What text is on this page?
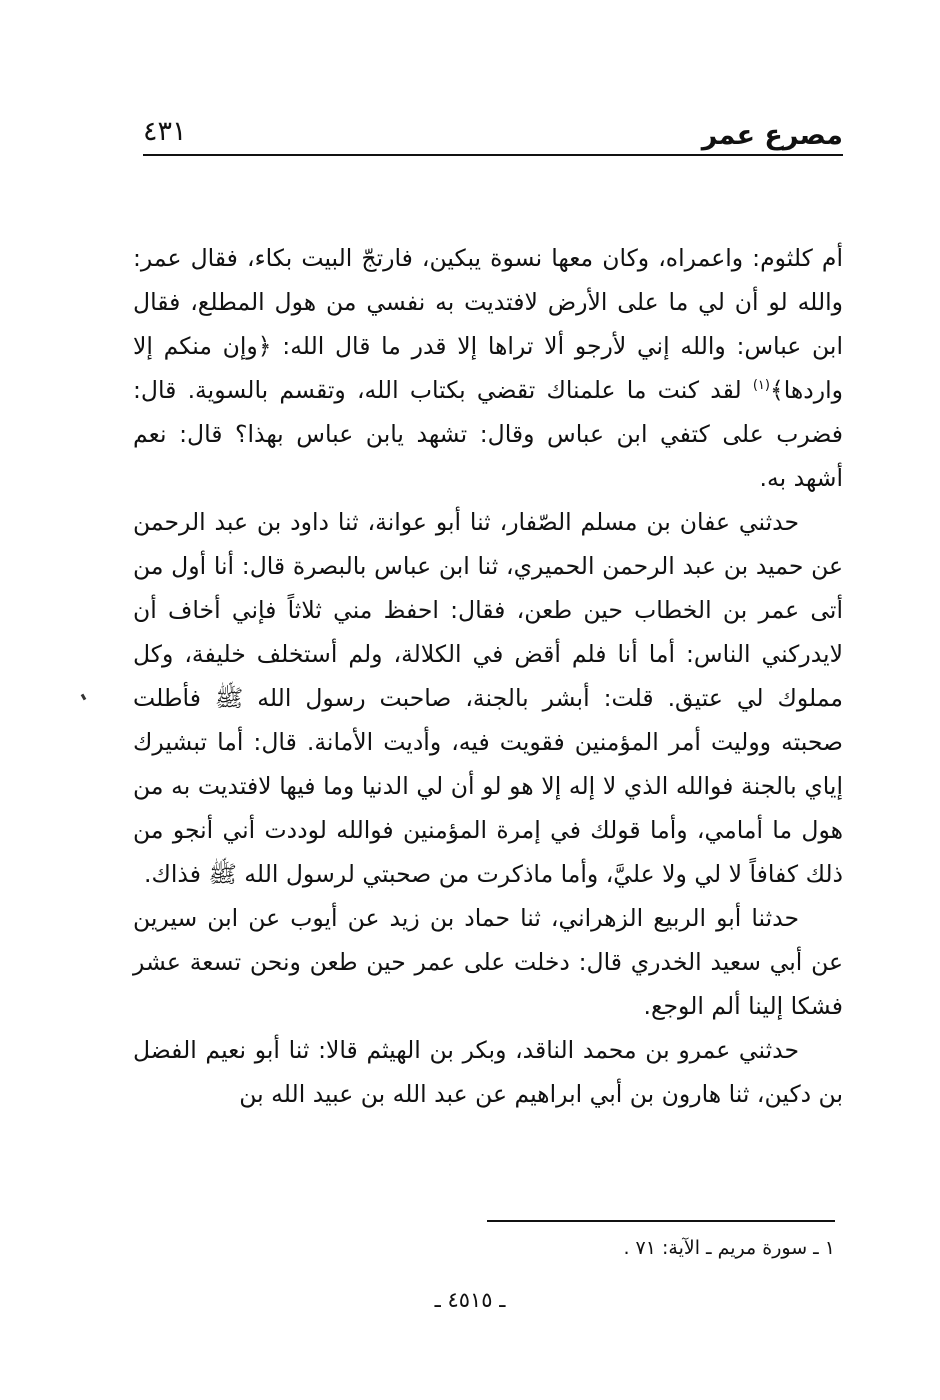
مصرع عمر
٤٣١

أم كلثوم: واعمراه، وكان معها نسوة يبكين، فارتجّ البيت بكاء، فقال عمر: والله لو أن لي ما على الأرض لافتديت به نفسي من هول المطلع، فقال ابن عباس: والله إني لأرجو ألا تراها إلا قدر ما قال الله: ﴿وإن منكم إلا واردها﴾$^{(١)}$ لقد كنت ما علمناك تقضي بكتاب الله، وتقسم بالسوية. قال: فضرب على كتفي ابن عباس وقال: تشهد يابن عباس بهذا؟ قال: نعم أشهد به.

حدثني عفان بن مسلم الصّفار، ثنا أبو عوانة، ثنا داود بن عبد الرحمن عن حميد بن عبد الرحمن الحميري، ثنا ابن عباس بالبصرة قال: أنا أول من أتى عمر بن الخطاب حين طعن، فقال: احفظ مني ثلاثاً فإني أخاف أن لايدركني الناس: أما أنا فلم أقض في الكلالة، ولم أستخلف خليفة، وكل مملوك لي عتيق. قلت: أبشر بالجنة، صاحبت رسول الله ﷺ فأطلت صحبته ووليت أمر المؤمنين فقويت فيه، وأديت الأمانة. قال: أما تبشيرك إياي بالجنة فوالله الذي لا إله إلا هو لو أن لي الدنيا وما فيها لافتديت به من هول ما أمامي، وأما قولك في إمرة المؤمنين فوالله لوددت أني أنجو من ذلك كفافاً لا لي ولا عليَّ، وأما ماذكرت من صحبتي لرسول الله ﷺ فذاك.

حدثنا أبو الربيع الزهراني، ثنا حماد بن زيد عن أيوب عن ابن سيرين عن أبي سعيد الخدري قال: دخلت على عمر حين طعن ونحن تسعة عشر فشكا إلينا ألم الوجع.

حدثني عمرو بن محمد الناقد، وبكر بن الهيثم قالا: ثنا أبو نعيم الفضل بن دكين، ثنا هارون بن أبي ابراهيم عن عبد الله بن عبيد الله بن

١ ـ سورة مريم ـ الآية: ٧١ .
ـ ٤٥١٥ ـ
